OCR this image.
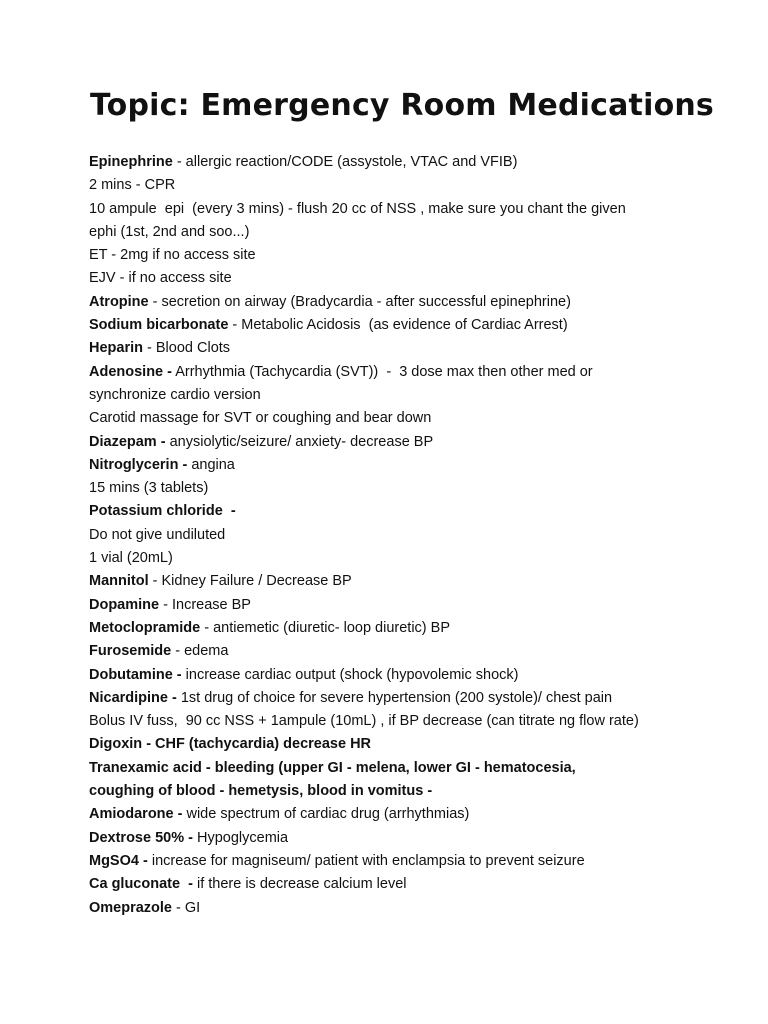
Topic: Emergency Room Medications
Epinephrine - allergic reaction/CODE (assystole, VTAC and VFIB)
2 mins - CPR
10 ampule  epi  (every 3 mins) - flush 20 cc of NSS , make sure you chant the given
ephi (1st, 2nd and soo...)
ET - 2mg if no access site
EJV - if no access site
Atropine - secretion on airway (Bradycardia - after successful epinephrine)
Sodium bicarbonate - Metabolic Acidosis  (as evidence of Cardiac Arrest)
Heparin - Blood Clots
Adenosine - Arrhythmia (Tachycardia (SVT))  -  3 dose max then other med or
synchronize cardio version
Carotid massage for SVT or coughing and bear down
Diazepam - anysiolytic/seizure/ anxiety- decrease BP
Nitroglycerin - angina
15 mins (3 tablets)
Potassium chloride  -
Do not give undiluted
1 vial (20mL)
Mannitol - Kidney Failure / Decrease BP
Dopamine - Increase BP
Metoclopramide - antiemetic (diuretic- loop diuretic) BP
Furosemide - edema
Dobutamine - increase cardiac output (shock (hypovolemic shock)
Nicardipine - 1st drug of choice for severe hypertension (200 systole)/ chest pain
Bolus IV fuss,  90 cc NSS + 1ampule (10mL) , if BP decrease (can titrate ng flow rate)
Digoxin - CHF (tachycardia) decrease HR
Tranexamic acid - bleeding (upper GI - melena, lower GI - hematocesia,
coughing of blood - hemetysis, blood in vomitus -
Amiodarone - wide spectrum of cardiac drug (arrhythmias)
Dextrose 50% - Hypoglycemia
MgSO4 - increase for magniseum/ patient with enclampsia to prevent seizure
Ca gluconate  - if there is decrease calcium level
Omeprazole - GI
